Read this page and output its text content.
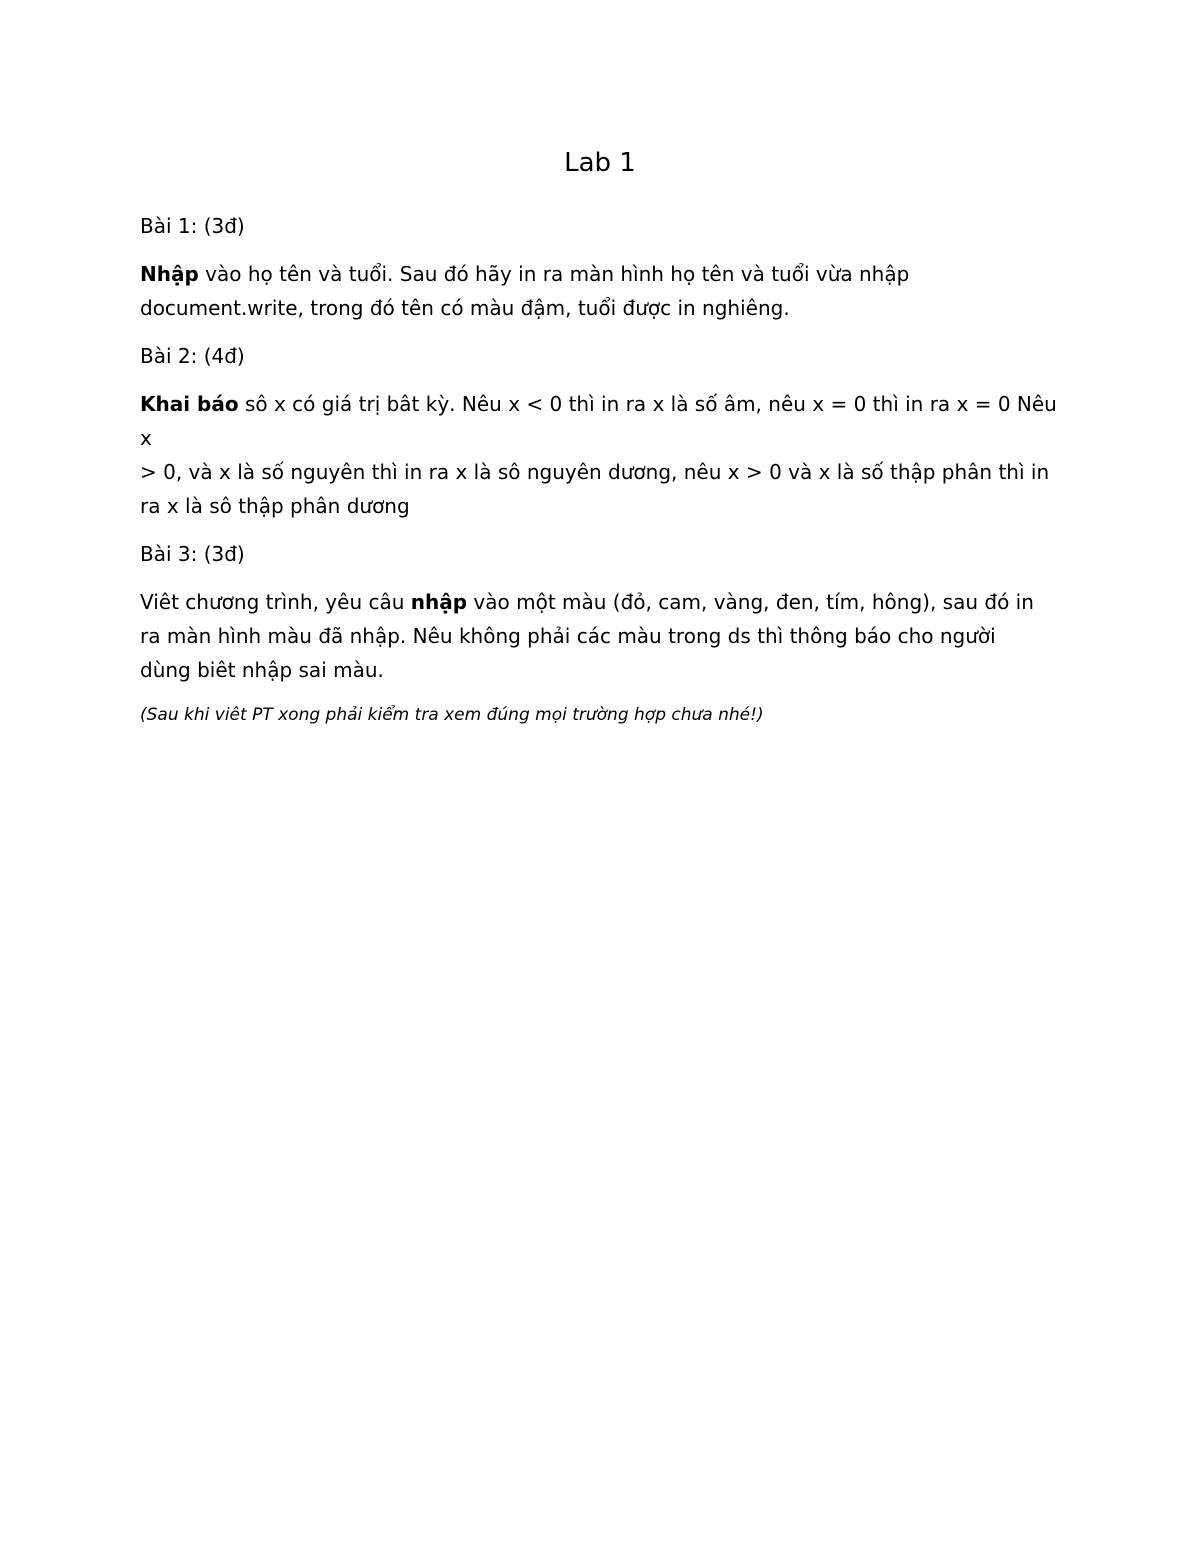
Lab 1
Bài 1: (3đ)
Nhập vào họ tên và tuổi. Sau đó hãy in ra màn hình họ tên và tuổi vừa nhập
document.write, trong đó tên có màu đậm, tuổi được in nghiêng.
Bài 2: (4đ)
Khai báo sô x có giá trị bât kỳ. Nêu x < 0 thì in ra x là số âm, nêu x = 0 thì in ra x = 0 Nêu x
> 0, và x là số nguyên thì in ra x là sô nguyên dương, nêu x > 0 và x là số thập phân thì in
ra x là sô thập phân dương
Bài 3: (3đ)
Viêt chương trình, yêu câu nhập vào một màu (đỏ, cam, vàng, đen, tím, hông), sau đó in
ra màn hình màu đã nhập. Nêu không phải các màu trong ds thì thông báo cho người
dùng biêt nhập sai màu.
(Sau khi viêt PT xong phải kiểm tra xem đúng mọi trường hợp chưa nhé!)
